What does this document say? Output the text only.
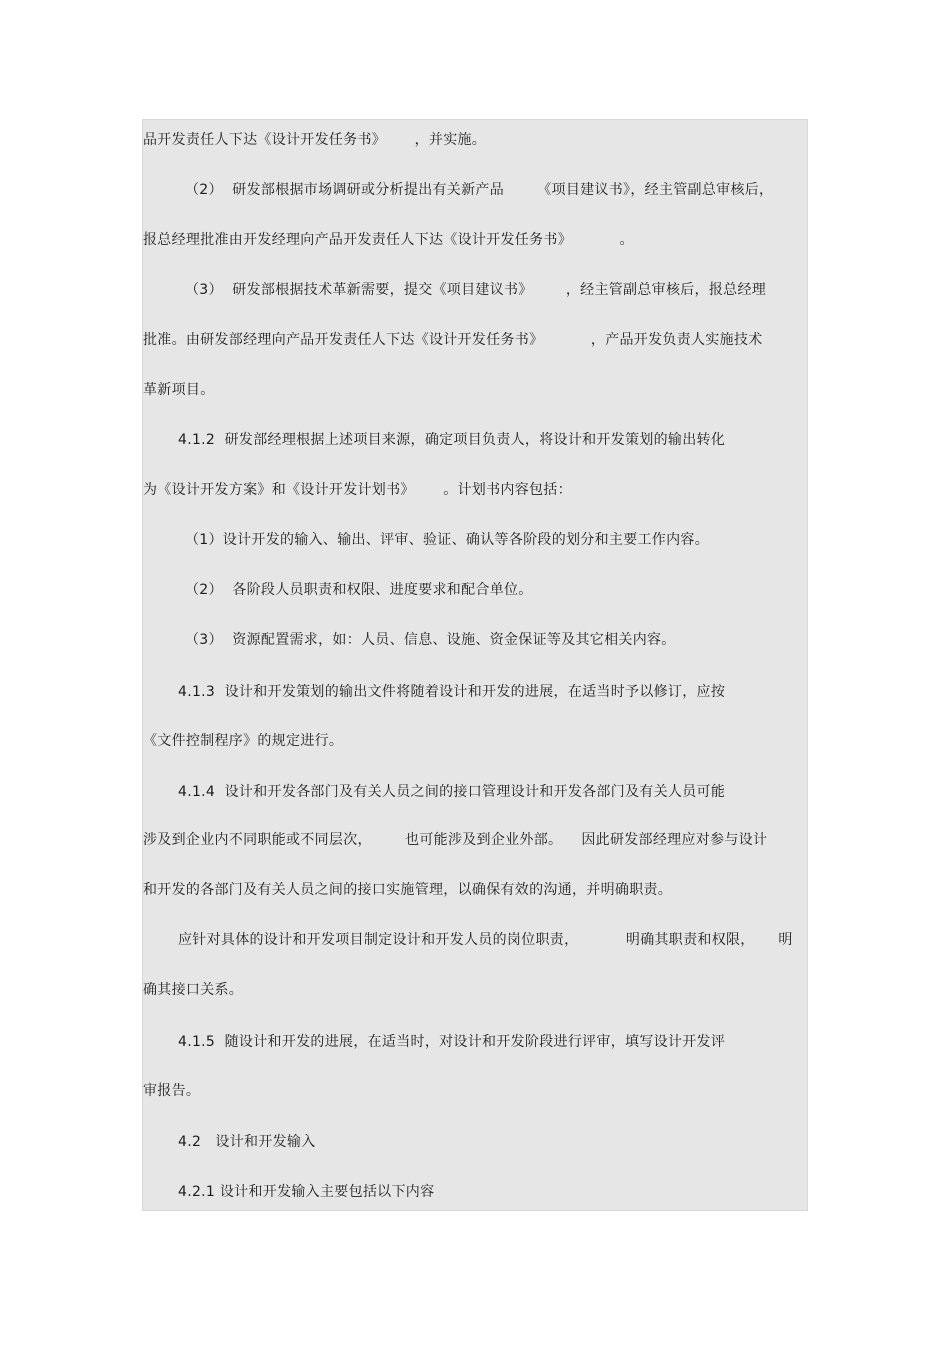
品开发责任人下达《设计开发任务书》      ，并实施。
（2）  研发部根据市场调研或分析提出有关新产品       《项目建议书》，经主管副总审核后，
报总经理批准由开发经理向产品开发责任人下达《设计开发任务书》          。
（3）  研发部根据技术革新需要，提交《项目建议书》       ，经主管副总审核后，报总经理
批准。由研发部经理向产品开发责任人下达《设计开发任务书》          ，产品开发负责人实施技术
革新项目。
4.1.2  研发部经理根据上述项目来源，确定项目负责人，将设计和开发策划的输出转化
为《设计开发方案》和《设计开发计划书》      。计划书内容包括：
（1）设计开发的输入、输出、评审、验证、确认等各阶段的划分和主要工作内容。
（2）  各阶段人员职责和权限、进度要求和配合单位。
（3）  资源配置需求，如：人员、信息、设施、资金保证等及其它相关内容。
4.1.3  设计和开发策划的输出文件将随着设计和开发的进展，在适当时予以修订，应按
《文件控制程序》的规定进行。
4.1.4  设计和开发各部门及有关人员之间的接口管理设计和开发各部门及有关人员可能
涉及到企业内不同职能或不同层次，       也可能涉及到企业外部。    因此研发部经理应对参与设计
和开发的各部门及有关人员之间的接口实施管理，以确保有效的沟通，并明确职责。
应针对具体的设计和开发项目制定设计和开发人员的岗位职责，          明确其职责和权限，     明
确其接口关系。
4.1.5  随设计和开发的进展，在适当时，对设计和开发阶段进行评审，填写设计开发评
审报告。
4.2   设计和开发输入
4.2.1 设计和开发输入主要包括以下内容
